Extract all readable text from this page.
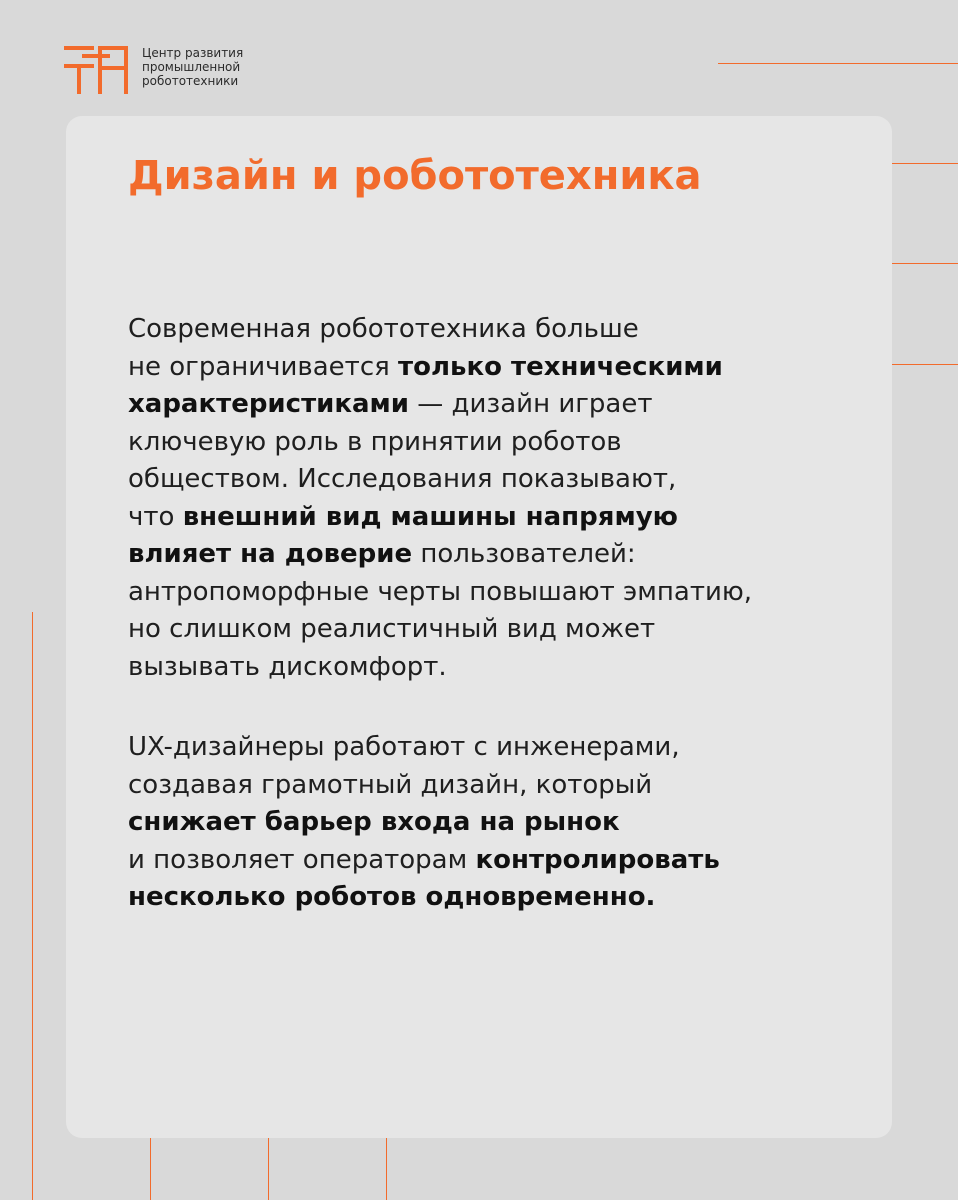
Центр развития
промышленной
робототехники
Дизайн и робототехника

Современная робототехника больше
не ограничивается только техническими
характеристиками — дизайн играет
ключевую роль в принятии роботов
обществом. Исследования показывают,
что внешний вид машины напрямую
влияет на доверие пользователей:
антропоморфные черты повышают эмпатию,
но слишком реалистичный вид может
вызывать дискомфорт.

UX-дизайнеры работают с инженерами,
создавая грамотный дизайн, который
снижает барьер входа на рынок
и позволяет операторам контролировать
несколько роботов одновременно.
